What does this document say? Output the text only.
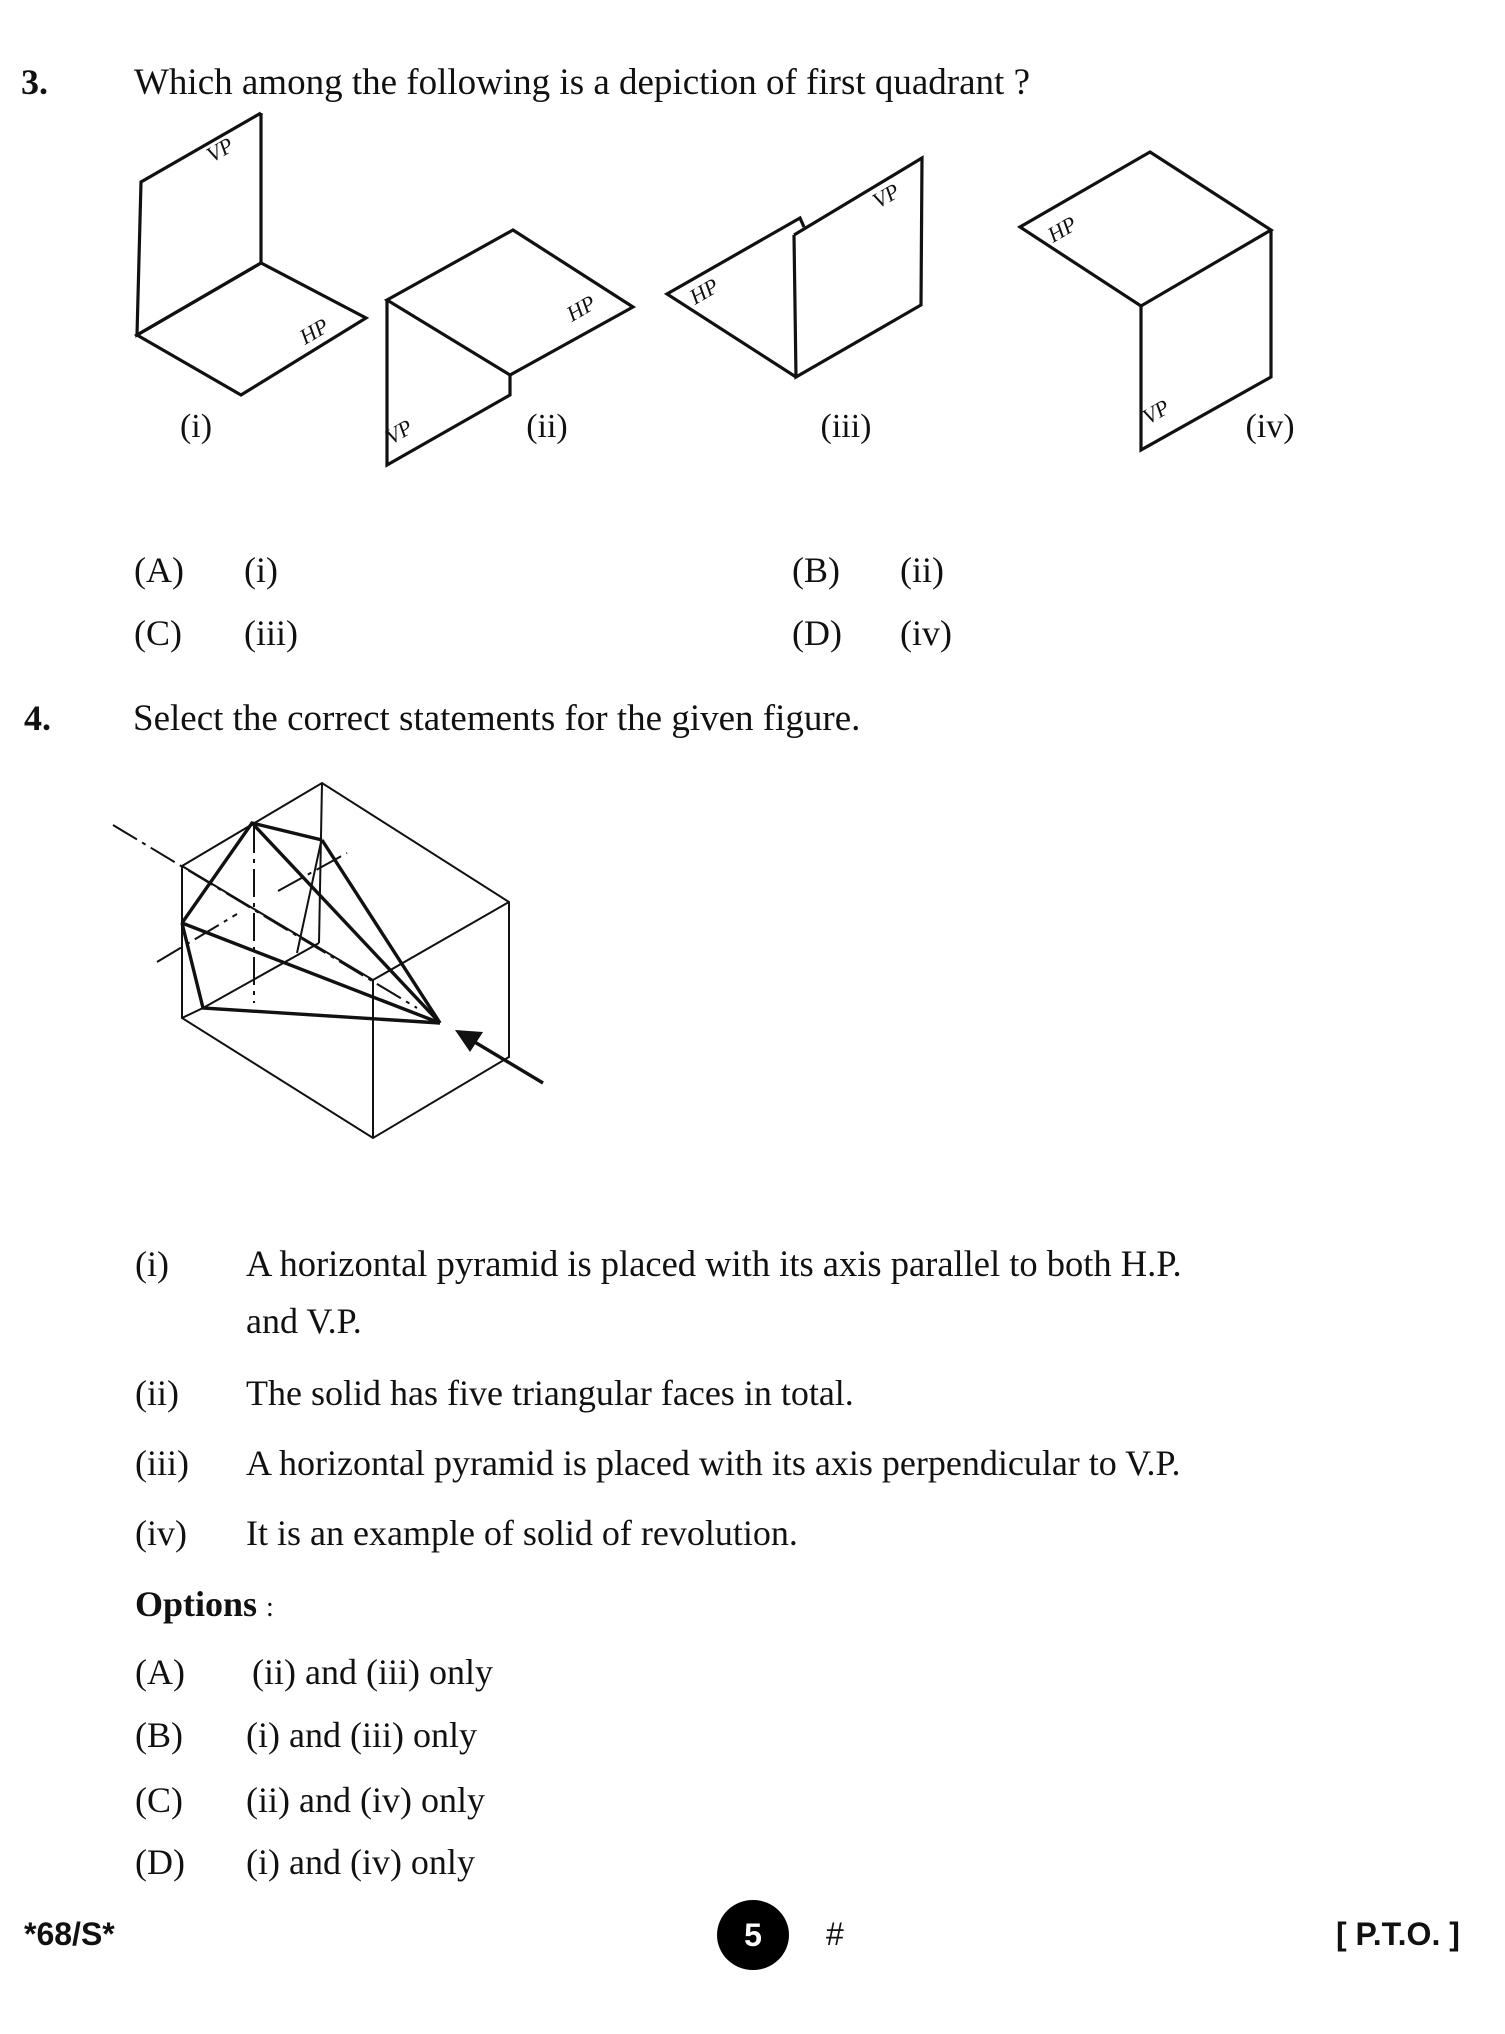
3. Which among the following is a depiction of first quadrant ?
VP
HP
HP
VP
HP
VP
HP
VP
(i)	(ii)	(iii)	(iv)
(A) (i)	(B) (ii)
(C) (iii)	(D) (iv)
4. Select the correct statements for the given figure.
(i) A horizontal pyramid is placed with its axis parallel to both H.P.
and V.P.
(ii) The solid has five triangular faces in total.
(iii) A horizontal pyramid is placed with its axis perpendicular to V.P.
(iv) It is an example of solid of revolution.
Options :
(A) (ii) and (iii) only
(B) (i) and (iii) only
(C) (ii) and (iv) only
(D) (i) and (iv) only
*68/S*	5 #	[ P.T.O. ]
